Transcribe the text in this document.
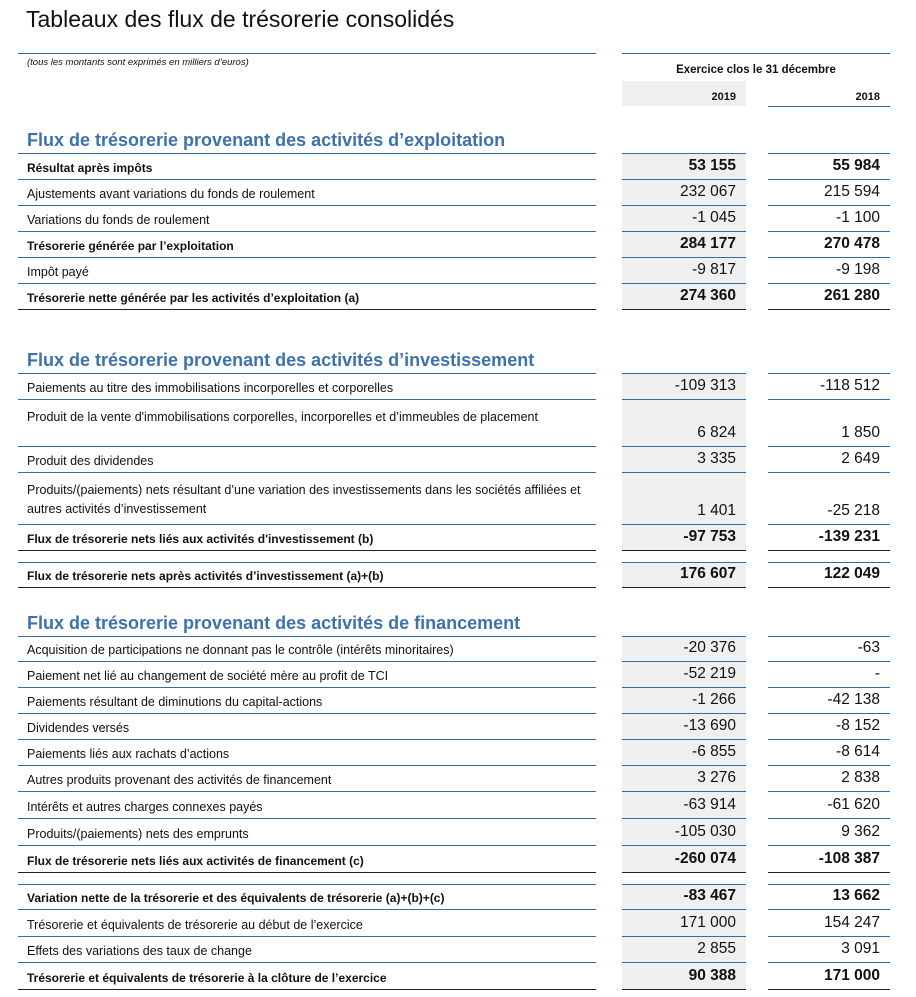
Tableaux des flux de trésorerie consolidés
(tous les montants sont exprimés en milliers d’euros)
Exercice clos le 31 décembre
2019	2018
Flux de trésorerie provenant des activités d’exploitation
Flux de trésorerie provenant des activités d’investissement
Flux de trésorerie provenant des activités de financement
Résultat après impôts	53 155	55 984
Ajustements avant variations du fonds de roulement	232 067	215 594
Variations du fonds de roulement	-1 045	-1 100
Trésorerie générée par l’exploitation	284 177	270 478
Impôt payé	-9 817	-9 198
Trésorerie nette générée par les activités d’exploitation (a)	274 360	261 280
Paiements au titre des immobilisations incorporelles et corporelles	-109 313	-118 512
Produit de la vente d'immobilisations corporelles, incorporelles et d’immeubles de placement
6 824	1 850
Produit des dividendes	3 335	2 649
Produits/(paiements) nets résultant d’une variation des investissements dans les sociétés affiliées et autres activités d’investissement	1 401	-25 218
Flux de trésorerie nets liés aux activités d'investissement (b)	-97 753	-139 231
Flux de trésorerie nets après activités d’investissement (a)+(b)	176 607	122 049
Acquisition de participations ne donnant pas le contrôle (intérêts minoritaires)	-20 376	-63
Paiement net lié au changement de société mère au profit de TCI	-52 219	-
Paiements résultant de diminutions du capital-actions	-1 266	-42 138
Dividendes versés	-13 690	-8 152
Paiements liés aux rachats d’actions	-6 855	-8 614
Autres produits provenant des activités de financement	3 276	2 838
Intérêts et autres charges connexes payés	-63 914	-61 620
Produits/(paiements) nets des emprunts	-105 030	9 362
Flux de trésorerie nets liés aux activités de financement (c)	-260 074	-108 387
Variation nette de la trésorerie et des équivalents de trésorerie (a)+(b)+(c)	-83 467	13 662
Trésorerie et équivalents de trésorerie au début de l’exercice	171 000	154 247
Effets des variations des taux de change	2 855	3 091
Trésorerie et équivalents de trésorerie à la clôture de l’exercice	90 388	171 000
